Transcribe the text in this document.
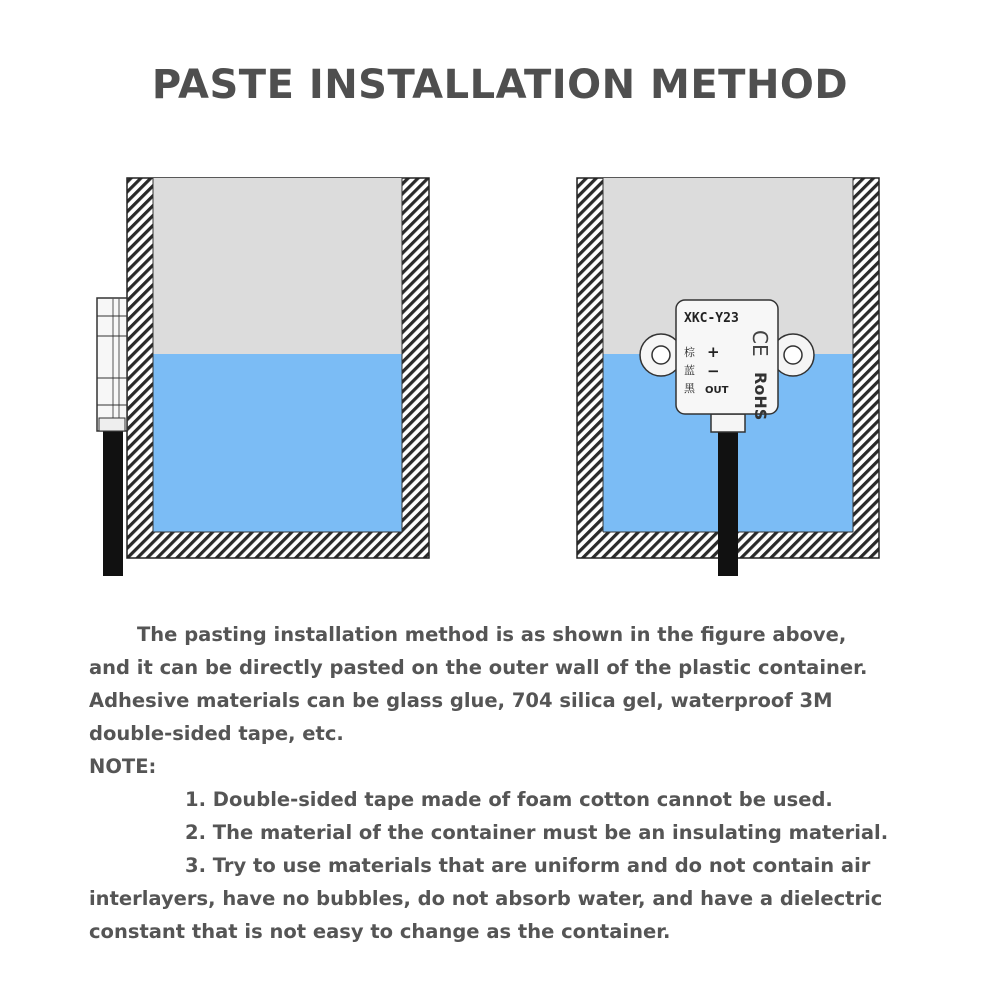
PASTE INSTALLATION METHOD
XKC-Y23
CE
棕
蓝
黑
+
−
OUT RoHS

The pasting installation method is as shown in the figure above,

and it can be directly pasted on the outer wall of the plastic container.

Adhesive materials can be glass glue, 704 silica gel, waterproof 3M

double-sided tape, etc.

NOTE:

1. Double-sided tape made of foam cotton cannot be used.

2. The material of the container must be an insulating material.

3. Try to use materials that are uniform and do not contain air

interlayers, have no bubbles, do not absorb water, and have a dielectric

constant that is not easy to change as the container.
